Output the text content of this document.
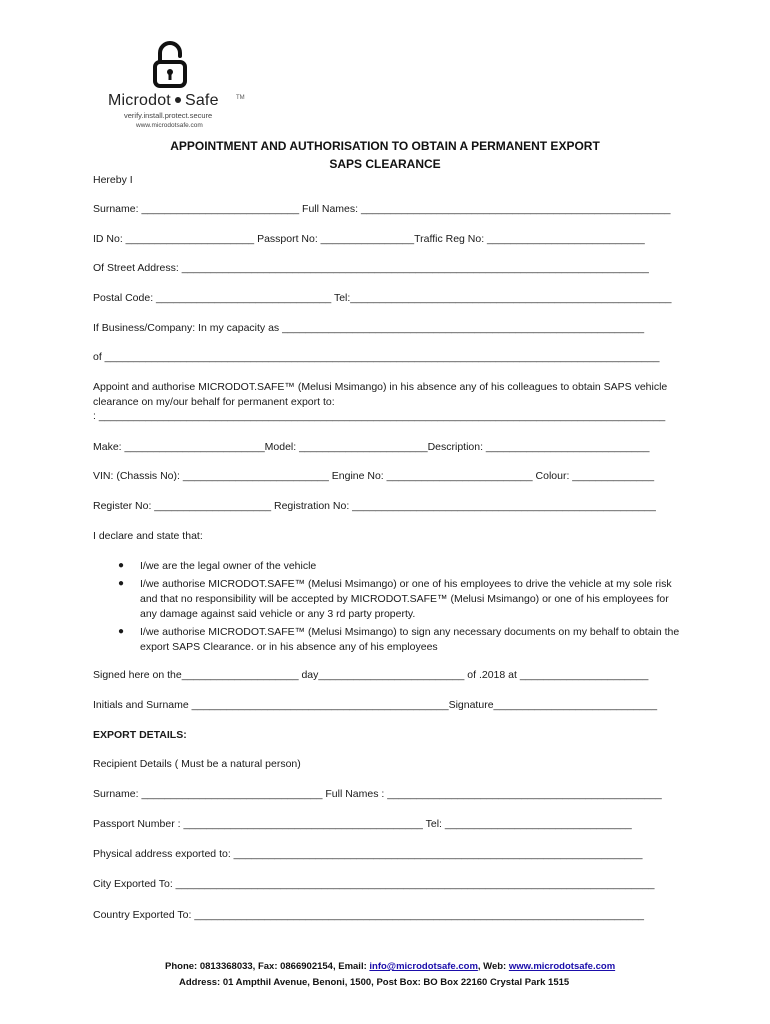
Microdot Safe	TM
verify.install.protect.secure
www.microdotsafe.com
APPOINTMENT AND AUTHORISATION TO OBTAIN A PERMANENT EXPORT
SAPS CLEARANCE
Hereby I
Surname: ___________________________ Full Names: _____________________________________________________
ID No: ______________________ Passport No: ________________Traffic Reg No: ___________________________
Of Street Address: ________________________________________________________________________________
Postal Code: ______________________________ Tel:_______________________________________________________
If Business/Company: In my capacity as ______________________________________________________________
of _______________________________________________________________________________________________
Appoint and authorise MICRODOT.SAFE™ (Melusi Msimango) in his absence any of his colleagues to obtain SAPS vehicle clearance on my/our behalf for permanent export to:
: _________________________________________________________________________________________________
Make: ________________________Model: ______________________Description: ____________________________
VIN: (Chassis No): _________________________ Engine No: _________________________ Colour: ______________
Register No: ____________________ Registration No: ____________________________________________________
I declare and state that:
● I/we are the legal owner of the vehicle
● I/we authorise MICRODOT.SAFE™ (Melusi Msimango) or one of his employees to drive the vehicle at my sole risk and that no responsibility will be accepted by MICRODOT.SAFE™ (Melusi Msimango) or one of his employees for any damage against said vehicle or any 3 rd party property.
● I/we authorise MICRODOT.SAFE™ (Melusi Msimango) to sign any necessary documents on my behalf to obtain the export SAPS Clearance. or in his absence any of his employees
Signed here on the____________________ day_________________________ of .2018 at ______________________
Initials and Surname ____________________________________________Signature____________________________
EXPORT DETAILS:
Recipient Details ( Must be a natural person)
Surname: _______________________________ Full Names : _______________________________________________
Passport Number : _________________________________________ Tel: ________________________________
Physical address exported to: ______________________________________________________________________
City Exported To: __________________________________________________________________________________
Country Exported To: _____________________________________________________________________________
Phone: 0813368033, Fax: 0866902154, Email: info@microdotsafe.com, Web: www.microdotsafe.com
Address: 01 Ampthil Avenue, Benoni, 1500, Post Box: BO Box 22160 Crystal Park 1515
